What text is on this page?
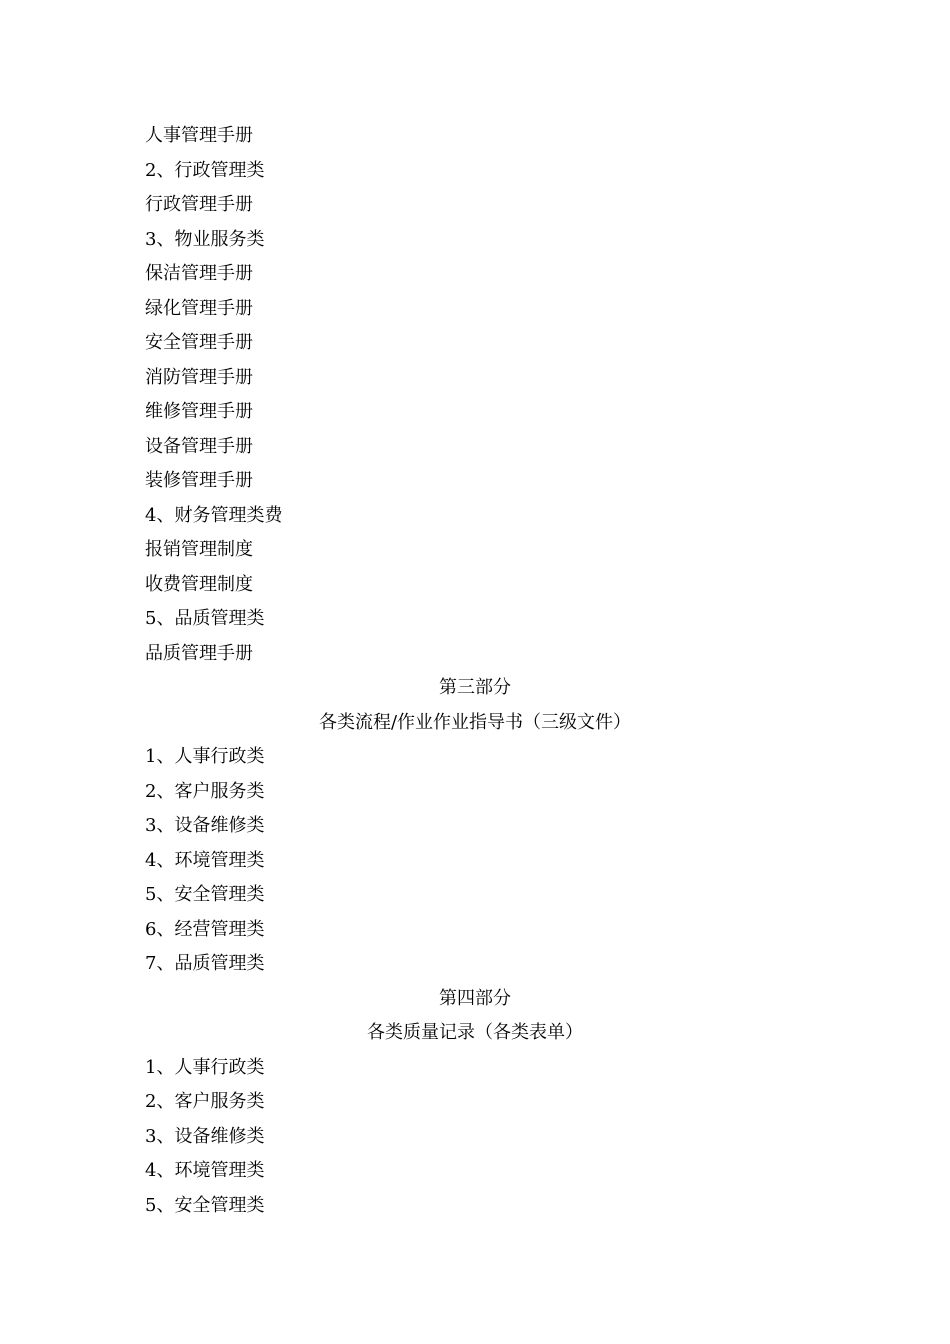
人事管理手册
2、行政管理类
行政管理手册
3、物业服务类
保洁管理手册
绿化管理手册
安全管理手册
消防管理手册
维修管理手册
设备管理手册
装修管理手册
4、财务管理类费
报销管理制度
收费管理制度
5、品质管理类
品质管理手册
第三部分
各类流程/作业作业指导书（三级文件）
1、人事行政类
2、客户服务类
3、设备维修类
4、环境管理类
5、安全管理类
6、经营管理类
7、品质管理类
第四部分
各类质量记录（各类表单）
1、人事行政类
2、客户服务类
3、设备维修类
4、环境管理类
5、安全管理类
